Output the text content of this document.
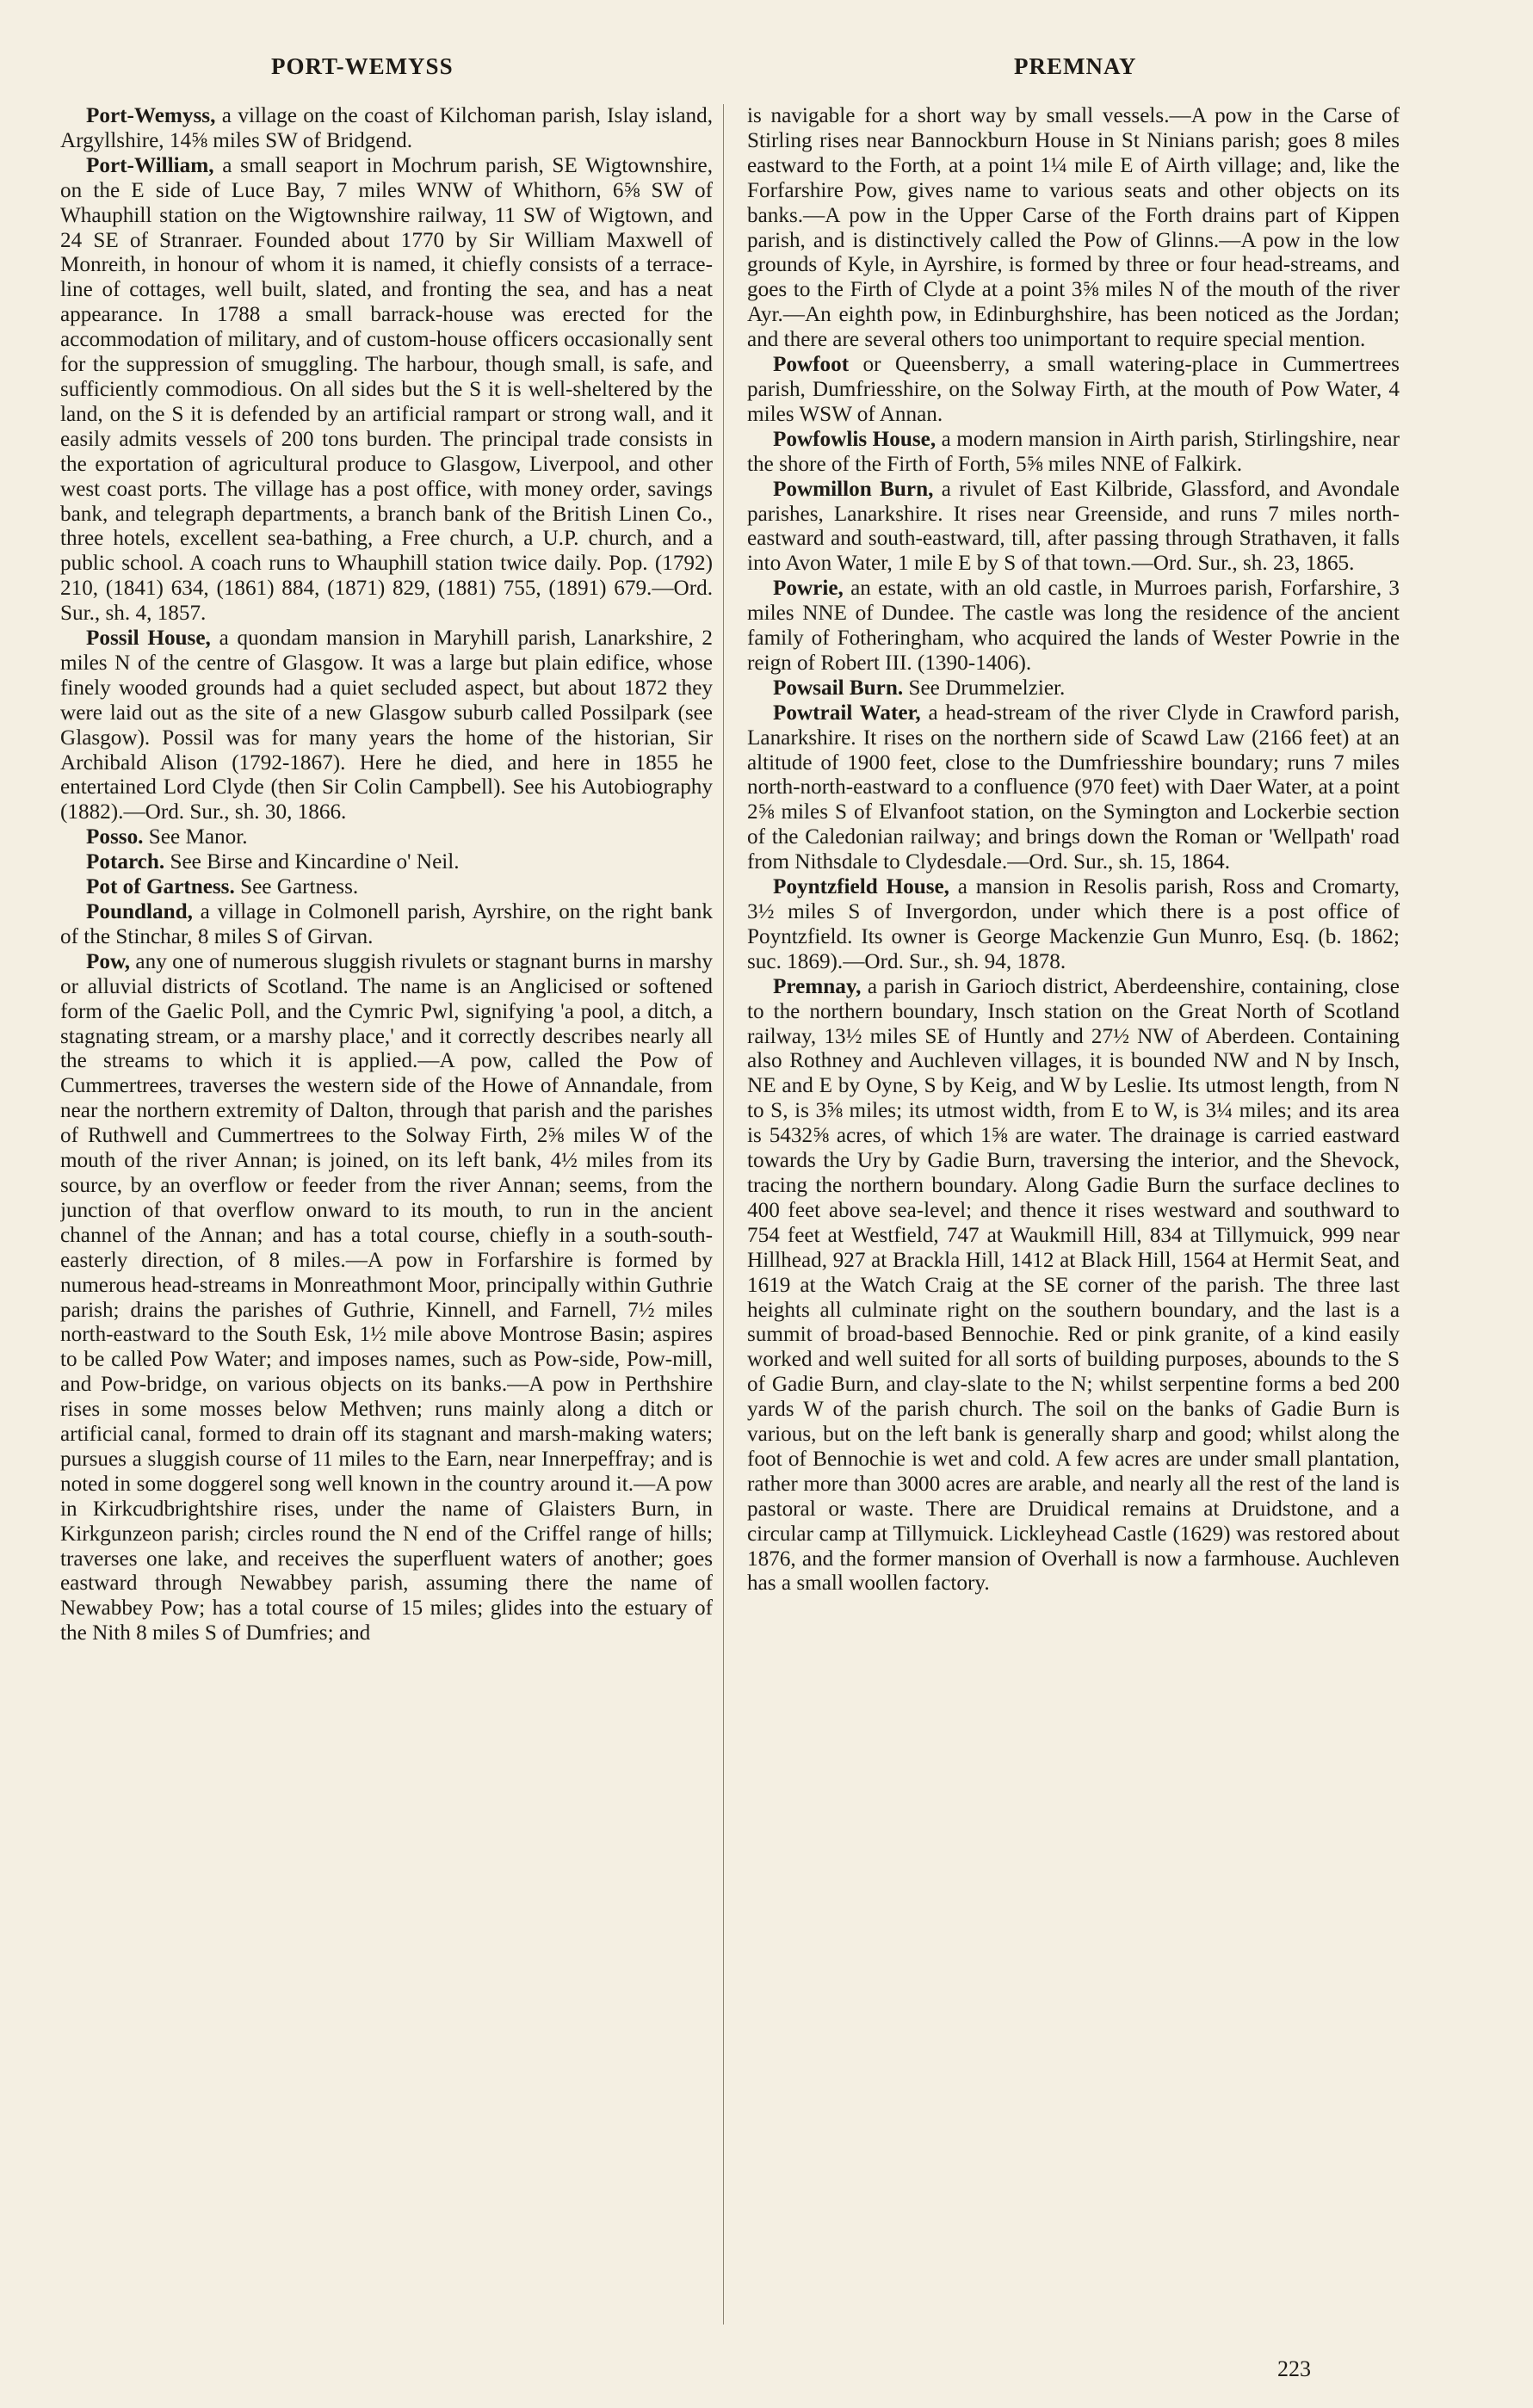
PORT-WEMYSS	PREMNAY

Port-Wemyss, a village on the coast of Kilchoman parish, Islay island, Argyllshire, 14⅝ miles SW of Bridgend.

Port-William, a small seaport in Mochrum parish, SE Wigtownshire, on the E side of Luce Bay, 7 miles WNW of Whithorn, 6⅝ SW of Whauphill station on the Wigtownshire railway, 11 SW of Wigtown, and 24 SE of Stranraer. Founded about 1770 by Sir William Maxwell of Monreith, in honour of whom it is named, it chiefly consists of a terrace-line of cottages, well built, slated, and fronting the sea, and has a neat appearance. In 1788 a small barrack-house was erected for the accommodation of military, and of custom-house officers occasionally sent for the suppression of smuggling. The harbour, though small, is safe, and sufficiently commodious. On all sides but the S it is well-sheltered by the land, on the S it is defended by an artificial rampart or strong wall, and it easily admits vessels of 200 tons burden. The principal trade consists in the exportation of agricultural produce to Glasgow, Liverpool, and other west coast ports. The village has a post office, with money order, savings bank, and telegraph departments, a branch bank of the British Linen Co., three hotels, excellent sea-bathing, a Free church, a U.P. church, and a public school. A coach runs to Whauphill station twice daily. Pop. (1792) 210, (1841) 634, (1861) 884, (1871) 829, (1881) 755, (1891) 679.—Ord. Sur., sh. 4, 1857.

Possil House, a quondam mansion in Maryhill parish, Lanarkshire, 2 miles N of the centre of Glasgow. It was a large but plain edifice, whose finely wooded grounds had a quiet secluded aspect, but about 1872 they were laid out as the site of a new Glasgow suburb called Possilpark (see Glasgow). Possil was for many years the home of the historian, Sir Archibald Alison (1792-1867). Here he died, and here in 1855 he entertained Lord Clyde (then Sir Colin Campbell). See his Autobiography (1882).—Ord. Sur., sh. 30, 1866.

Posso. See Manor.

Potarch. See Birse and Kincardine o' Neil.

Pot of Gartness. See Gartness.

Poundland, a village in Colmonell parish, Ayrshire, on the right bank of the Stinchar, 8 miles S of Girvan.

Pow, any one of numerous sluggish rivulets or stagnant burns in marshy or alluvial districts of Scotland. The name is an Anglicised or softened form of the Gaelic Poll, and the Cymric Pwl, signifying 'a pool, a ditch, a stagnating stream, or a marshy place,' and it correctly describes nearly all the streams to which it is applied.—A pow, called the Pow of Cummertrees, traverses the western side of the Howe of Annandale, from near the northern extremity of Dalton, through that parish and the parishes of Ruthwell and Cummertrees to the Solway Firth, 2⅝ miles W of the mouth of the river Annan; is joined, on its left bank, 4½ miles from its source, by an overflow or feeder from the river Annan; seems, from the junction of that overflow onward to its mouth, to run in the ancient channel of the Annan; and has a total course, chiefly in a south-south-easterly direction, of 8 miles.—A pow in Forfarshire is formed by numerous head-streams in Monreathmont Moor, principally within Guthrie parish; drains the parishes of Guthrie, Kinnell, and Farnell, 7½ miles north-eastward to the South Esk, 1½ mile above Montrose Basin; aspires to be called Pow Water; and imposes names, such as Pow-side, Pow-mill, and Pow-bridge, on various objects on its banks.—A pow in Perthshire rises in some mosses below Methven; runs mainly along a ditch or artificial canal, formed to drain off its stagnant and marsh-making waters; pursues a sluggish course of 11 miles to the Earn, near Innerpeffray; and is noted in some doggerel song well known in the country around it.—A pow in Kirkcudbrightshire rises, under the name of Glaisters Burn, in Kirkgunzeon parish; circles round the N end of the Criffel range of hills; traverses one lake, and receives the superfluent waters of another; goes eastward through Newabbey parish, assuming there the name of Newabbey Pow; has a total course of 15 miles; glides into the estuary of the Nith 8 miles S of Dumfries; and

is navigable for a short way by small vessels.—A pow in the Carse of Stirling rises near Bannockburn House in St Ninians parish; goes 8 miles eastward to the Forth, at a point 1¼ mile E of Airth village; and, like the Forfarshire Pow, gives name to various seats and other objects on its banks.—A pow in the Upper Carse of the Forth drains part of Kippen parish, and is distinctively called the Pow of Glinns.—A pow in the low grounds of Kyle, in Ayrshire, is formed by three or four head-streams, and goes to the Firth of Clyde at a point 3⅝ miles N of the mouth of the river Ayr.—An eighth pow, in Edinburghshire, has been noticed as the Jordan; and there are several others too unimportant to require special mention.

Powfoot or Queensberry, a small watering-place in Cummertrees parish, Dumfriesshire, on the Solway Firth, at the mouth of Pow Water, 4 miles WSW of Annan.

Powfowlis House, a modern mansion in Airth parish, Stirlingshire, near the shore of the Firth of Forth, 5⅝ miles NNE of Falkirk.

Powmillon Burn, a rivulet of East Kilbride, Glassford, and Avondale parishes, Lanarkshire. It rises near Greenside, and runs 7 miles north-eastward and south-eastward, till, after passing through Strathaven, it falls into Avon Water, 1 mile E by S of that town.—Ord. Sur., sh. 23, 1865.

Powrie, an estate, with an old castle, in Murroes parish, Forfarshire, 3 miles NNE of Dundee. The castle was long the residence of the ancient family of Fotheringham, who acquired the lands of Wester Powrie in the reign of Robert III. (1390-1406).

Powsail Burn. See Drummelzier.

Powtrail Water, a head-stream of the river Clyde in Crawford parish, Lanarkshire. It rises on the northern side of Scawd Law (2166 feet) at an altitude of 1900 feet, close to the Dumfriesshire boundary; runs 7 miles north-north-eastward to a confluence (970 feet) with Daer Water, at a point 2⅝ miles S of Elvanfoot station, on the Symington and Lockerbie section of the Caledonian railway; and brings down the Roman or 'Wellpath' road from Nithsdale to Clydesdale.—Ord. Sur., sh. 15, 1864.

Poyntzfield House, a mansion in Resolis parish, Ross and Cromarty, 3½ miles S of Invergordon, under which there is a post office of Poyntzfield. Its owner is George Mackenzie Gun Munro, Esq. (b. 1862; suc. 1869).—Ord. Sur., sh. 94, 1878.

Premnay, a parish in Garioch district, Aberdeenshire, containing, close to the northern boundary, Insch station on the Great North of Scotland railway, 13½ miles SE of Huntly and 27½ NW of Aberdeen. Containing also Rothney and Auchleven villages, it is bounded NW and N by Insch, NE and E by Oyne, S by Keig, and W by Leslie. Its utmost length, from N to S, is 3⅝ miles; its utmost width, from E to W, is 3¼ miles; and its area is 5432⅝ acres, of which 1⅝ are water. The drainage is carried eastward towards the Ury by Gadie Burn, traversing the interior, and the Shevock, tracing the northern boundary. Along Gadie Burn the surface declines to 400 feet above sea-level; and thence it rises westward and southward to 754 feet at Westfield, 747 at Waukmill Hill, 834 at Tillymuick, 999 near Hillhead, 927 at Brackla Hill, 1412 at Black Hill, 1564 at Hermit Seat, and 1619 at the Watch Craig at the SE corner of the parish. The three last heights all culminate right on the southern boundary, and the last is a summit of broad-based Bennochie. Red or pink granite, of a kind easily worked and well suited for all sorts of building purposes, abounds to the S of Gadie Burn, and clay-slate to the N; whilst serpentine forms a bed 200 yards W of the parish church. The soil on the banks of Gadie Burn is various, but on the left bank is generally sharp and good; whilst along the foot of Bennochie is wet and cold. A few acres are under small plantation, rather more than 3000 acres are arable, and nearly all the rest of the land is pastoral or waste. There are Druidical remains at Druidstone, and a circular camp at Tillymuick. Lickleyhead Castle (1629) was restored about 1876, and the former mansion of Overhall is now a farmhouse. Auchleven has a small woollen factory.

223
